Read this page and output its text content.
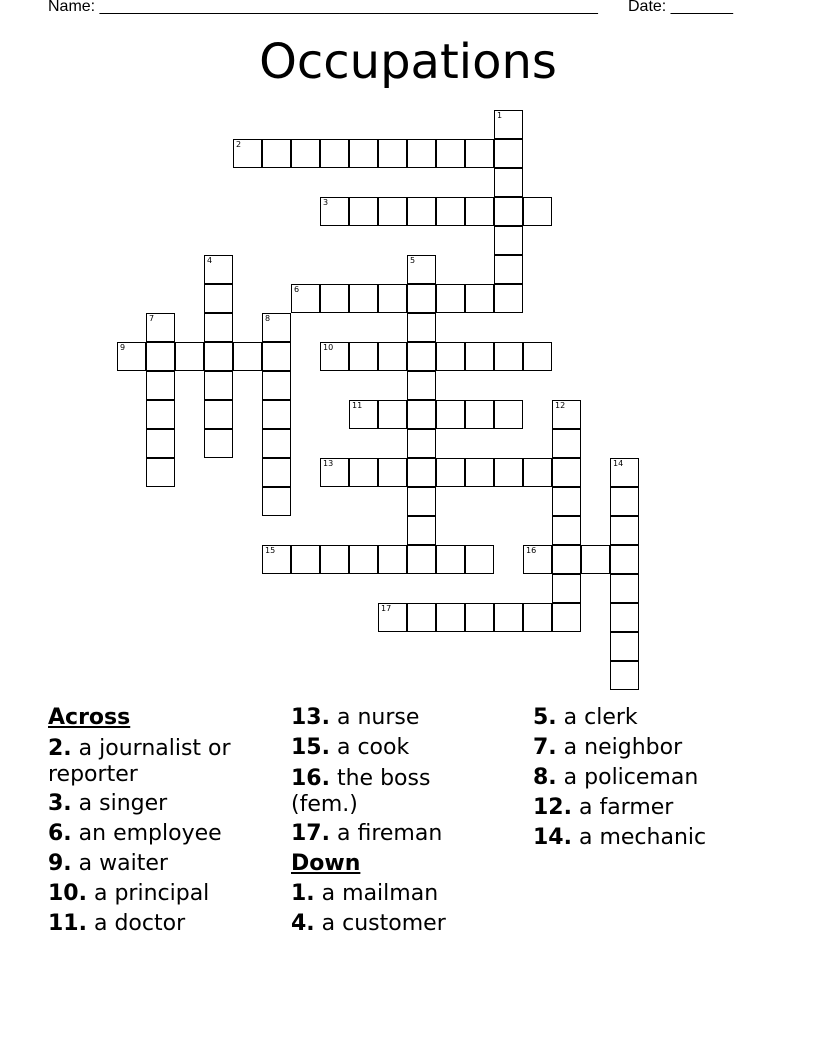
Name: ________________________________________________________ Date: _______
Occupations
1
2
3
4	5
6
7	8
9	10
11	12
13	14
15	16
17
Across
2. a journalist or reporter
3. a singer
6. an employee
9. a waiter
10. a principal
11. a doctor
13. a nurse
15. a cook
16. the boss (fem.)
17. a fireman
Down
1. a mailman
4. a customer
5. a clerk
7. a neighbor
8. a policeman
12. a farmer
14. a mechanic
